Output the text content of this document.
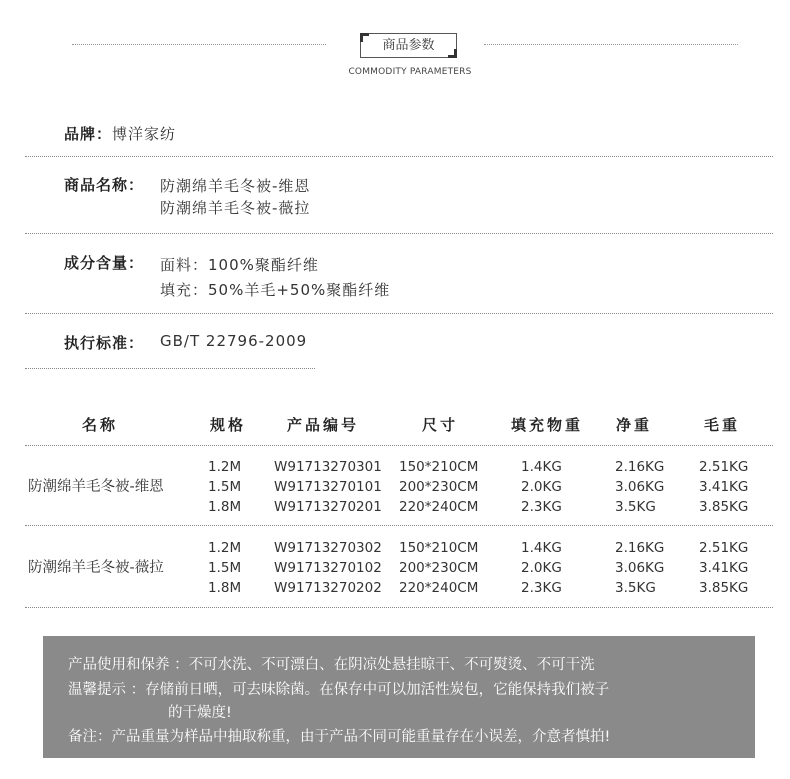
商品参数
COMMODITY PARAMETERS
品牌： 博洋家纺
商品名称： 防潮绵羊毛冬被-维恩
防潮绵羊毛冬被-薇拉
成分含量： 面料：100%聚酯纤维
填充：50%羊毛+50%聚酯纤维
执行标准： GB/T 22796-2009
名称	规格	产品编号	尺寸	填充物重	净重	毛重
防潮绵羊毛冬被-维恩
1.2M W91713270301 150*210CM	1.4KG	2.16KG	2.51KG
1.5M W91713270101 200*230CM	2.0KG	3.06KG	3.41KG
1.8M W91713270201 220*240CM	2.3KG	3.5KG	3.85KG
防潮绵羊毛冬被-薇拉
1.2M W91713270302 150*210CM	1.4KG	2.16KG	2.51KG
1.5M W91713270102 200*230CM	2.0KG	3.06KG	3.41KG
1.8M W91713270202 220*240CM	2.3KG	3.5KG	3.85KG
产品使用和保养 ：不可水洗、不可漂白、在阴凉处悬挂晾干、不可熨烫、不可干洗
温馨提示 ：存储前日晒，可去味除菌。在保存中可以加活性炭包，它能保持我们被子
的干燥度!
备注：产品重量为样品中抽取称重，由于产品不同可能重量存在小误差，介意者慎拍!
